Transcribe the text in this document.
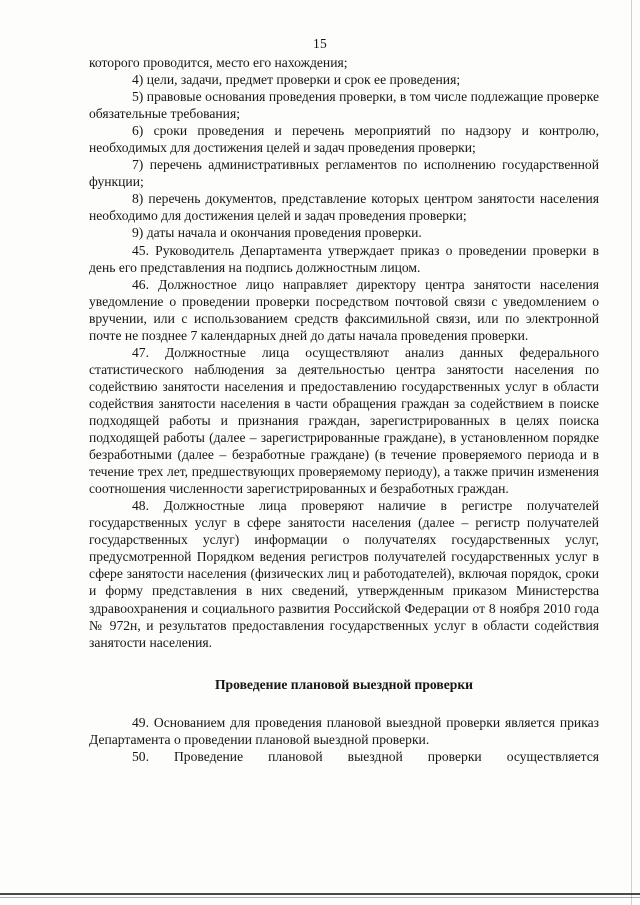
15

которого проводится, место его нахождения;

4) цели, задачи, предмет проверки и срок ее проведения;

5) правовые основания проведения проверки, в том числе подлежащие проверке обязательные требования;

6) сроки проведения и перечень мероприятий по надзору и контролю, необходимых для достижения целей и задач проведения проверки;

7) перечень административных регламентов по исполнению государственной функции;

8) перечень документов, представление которых центром занятости населения необходимо для достижения целей и задач проведения проверки;

9) даты начала и окончания проведения проверки.

45. Руководитель Департамента утверждает приказ о проведении проверки в день его представления на подпись должностным лицом.

46. Должностное лицо направляет директору центра занятости населения уведомление о проведении проверки посредством почтовой связи с уведомлением о вручении, или с использованием средств факсимильной связи, или по электронной почте не позднее 7 календарных дней до даты начала проведения проверки.

47. Должностные лица осуществляют анализ данных федерального статистического наблюдения за деятельностью центра занятости населения по содействию занятости населения и предоставлению государственных услуг в области содействия занятости населения в части обращения граждан за содействием в поиске подходящей работы и признания граждан, зарегистрированных в целях поиска подходящей работы (далее – зарегистрированные граждане), в установленном порядке безработными (далее – безработные граждане) (в течение проверяемого периода и в течение трех лет, предшествующих проверяемому периоду), а также причин изменения соотношения численности зарегистрированных и безработных граждан.

48. Должностные лица проверяют наличие в регистре получателей государственных услуг в сфере занятости населения (далее – регистр получателей государственных услуг) информации о получателях государственных услуг, предусмотренной Порядком ведения регистров получателей государственных услуг в сфере занятости населения (физических лиц и работодателей), включая порядок, сроки и форму представления в них сведений, утвержденным приказом Министерства здравоохранения и социального развития Российской Федерации от 8 ноября 2010 года № 972н, и результатов предоставления государственных услуг в области содействия занятости населения.

Проведение плановой выездной проверки

49. Основанием для проведения плановой выездной проверки является приказ Департамента о проведении плановой выездной проверки.

50. Проведение плановой выездной проверки осуществляется
